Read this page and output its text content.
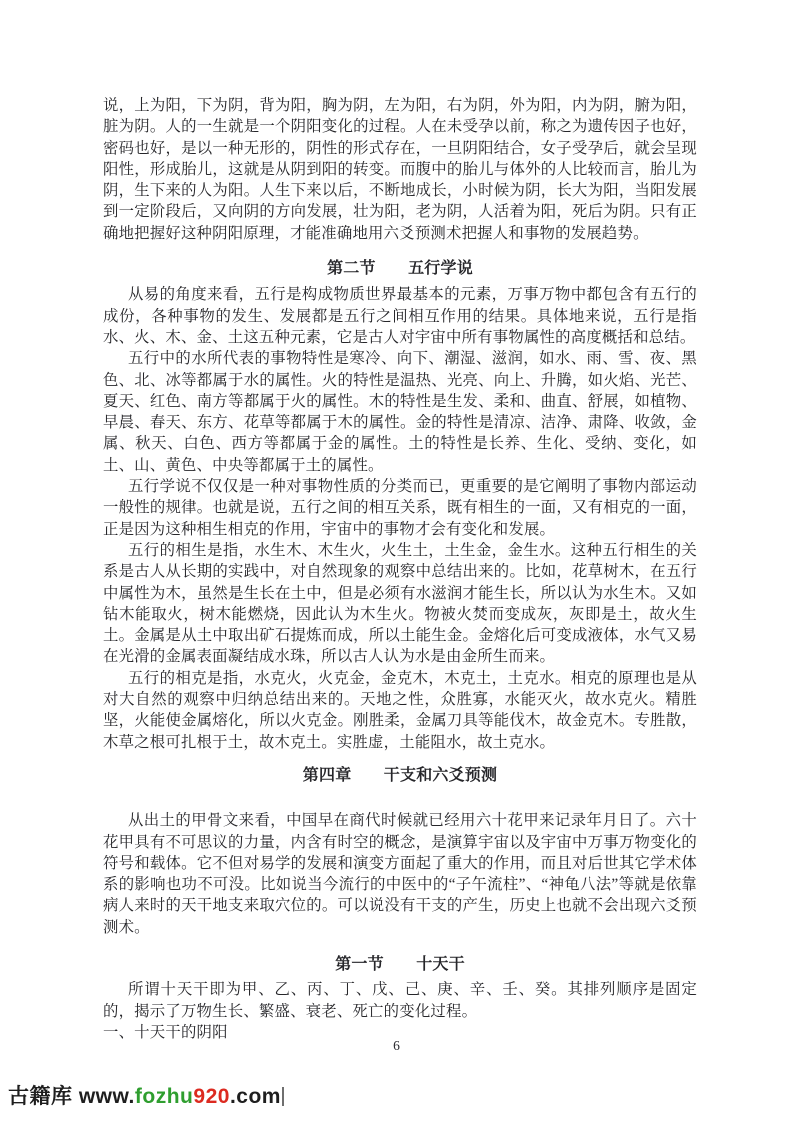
说，上为阳，下为阴，背为阳，胸为阴，左为阳，右为阴，外为阳，内为阴，腑为阳，脏为阴。人的一生就是一个阴阳变化的过程。人在未受孕以前，称之为遗传因子也好，密码也好，是以一种无形的，阴性的形式存在，一旦阴阳结合，女子受孕后，就会呈现阳性，形成胎儿，这就是从阴到阳的转变。而腹中的胎儿与体外的人比较而言，胎儿为阴，生下来的人为阳。人生下来以后，不断地成长，小时候为阴，长大为阳，当阳发展到一定阶段后，又向阴的方向发展，壮为阳，老为阴，人活着为阳，死后为阴。只有正确地把握好这种阴阳原理，才能准确地用六爻预测术把握人和事物的发展趋势。

第二节　　五行学说

从易的角度来看，五行是构成物质世界最基本的元素，万事万物中都包含有五行的成份，各种事物的发生、发展都是五行之间相互作用的结果。具体地来说，五行是指水、火、木、金、土这五种元素，它是古人对宇宙中所有事物属性的高度概括和总结。

五行中的水所代表的事物特性是寒冷、向下、潮湿、滋润，如水、雨、雪、夜、黑色、北、冰等都属于水的属性。火的特性是温热、光亮、向上、升腾，如火焰、光芒、夏天、红色、南方等都属于火的属性。木的特性是生发、柔和、曲直、舒展，如植物、早晨、春天、东方、花草等都属于木的属性。金的特性是清凉、洁净、肃降、收敛，金属、秋天、白色、西方等都属于金的属性。土的特性是长养、生化、受纳、变化，如土、山、黄色、中央等都属于土的属性。

五行学说不仅仅是一种对事物性质的分类而已，更重要的是它阐明了事物内部运动一般性的规律。也就是说，五行之间的相互关系，既有相生的一面，又有相克的一面，正是因为这种相生相克的作用，宇宙中的事物才会有变化和发展。

五行的相生是指，水生木、木生火，火生土，土生金，金生水。这种五行相生的关系是古人从长期的实践中，对自然现象的观察中总结出来的。比如，花草树木，在五行中属性为木，虽然是生长在土中，但是必须有水滋润才能生长，所以认为水生木。又如钻木能取火，树木能燃烧，因此认为木生火。物被火焚而变成灰，灰即是土，故火生土。金属是从土中取出矿石提炼而成，所以土能生金。金熔化后可变成液体，水气又易在光滑的金属表面凝结成水珠，所以古人认为水是由金所生而来。

五行的相克是指，水克火，火克金，金克木，木克土，土克水。相克的原理也是从对大自然的观察中归纳总结出来的。天地之性，众胜寡，水能灭火，故水克火。精胜坚，火能使金属熔化，所以火克金。刚胜柔，金属刀具等能伐木，故金克木。专胜散，木草之根可扎根于土，故木克土。实胜虚，土能阻水，故土克水。

第四章　　干支和六爻预测

从出土的甲骨文来看，中国早在商代时候就已经用六十花甲来记录年月日了。六十花甲具有不可思议的力量，内含有时空的概念，是演算宇宙以及宇宙中万事万物变化的符号和载体。它不但对易学的发展和演变方面起了重大的作用，而且对后世其它学术体系的影响也功不可没。比如说当今流行的中医中的“子午流柱”、“神龟八法”等就是依靠病人来时的天干地支来取穴位的。可以说没有干支的产生，历史上也就不会出现六爻预测术。

第一节　　十天干

所谓十天干即为甲、乙、丙、丁、戊、己、庚、辛、壬、癸。其排列顺序是固定的，揭示了万物生长、繁盛、衰老、死亡的变化过程。

一、十天干的阴阳

6
古籍库 www.fozhu920.com
